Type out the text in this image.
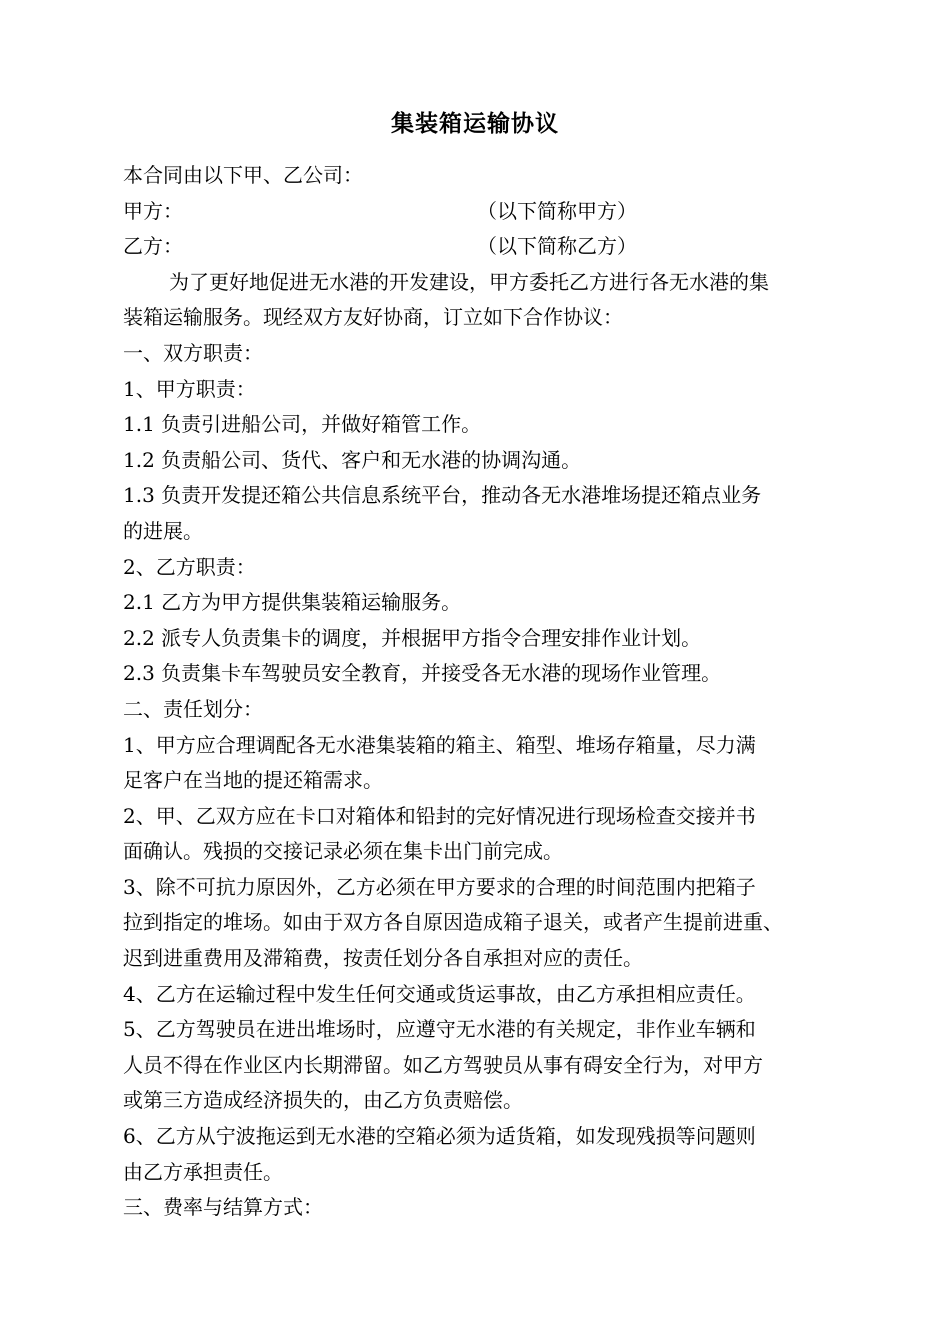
集装箱运输协议
本合同由以下甲、乙公司：
甲方：	（以下简称甲方）
乙方：	（以下简称乙方）
为了更好地促进无水港的开发建设，甲方委托乙方进行各无水港的集
装箱运输服务。现经双方友好协商，订立如下合作协议：
一、双方职责：
1、甲方职责：
1.1 负责引进船公司，并做好箱管工作。
1.2 负责船公司、货代、客户和无水港的协调沟通。
1.3 负责开发提还箱公共信息系统平台，推动各无水港堆场提还箱点业务
的进展。
2、乙方职责：
2.1 乙方为甲方提供集装箱运输服务。
2.2 派专人负责集卡的调度，并根据甲方指令合理安排作业计划。
2.3 负责集卡车驾驶员安全教育，并接受各无水港的现场作业管理。
二、责任划分：
1、甲方应合理调配各无水港集装箱的箱主、箱型、堆场存箱量，尽力满
足客户在当地的提还箱需求。
2、甲、乙双方应在卡口对箱体和铅封的完好情况进行现场检查交接并书
面确认。残损的交接记录必须在集卡出门前完成。
3、除不可抗力原因外，乙方必须在甲方要求的合理的时间范围内把箱子
拉到指定的堆场。如由于双方各自原因造成箱子退关，或者产生提前进重、
迟到进重费用及滞箱费，按责任划分各自承担对应的责任。
4、乙方在运输过程中发生任何交通或货运事故，由乙方承担相应责任。
5、乙方驾驶员在进出堆场时，应遵守无水港的有关规定，非作业车辆和
人员不得在作业区内长期滞留。如乙方驾驶员从事有碍安全行为，对甲方
或第三方造成经济损失的，由乙方负责赔偿。
6、乙方从宁波拖运到无水港的空箱必须为适货箱，如发现残损等问题则
由乙方承担责任。
三、费率与结算方式：
